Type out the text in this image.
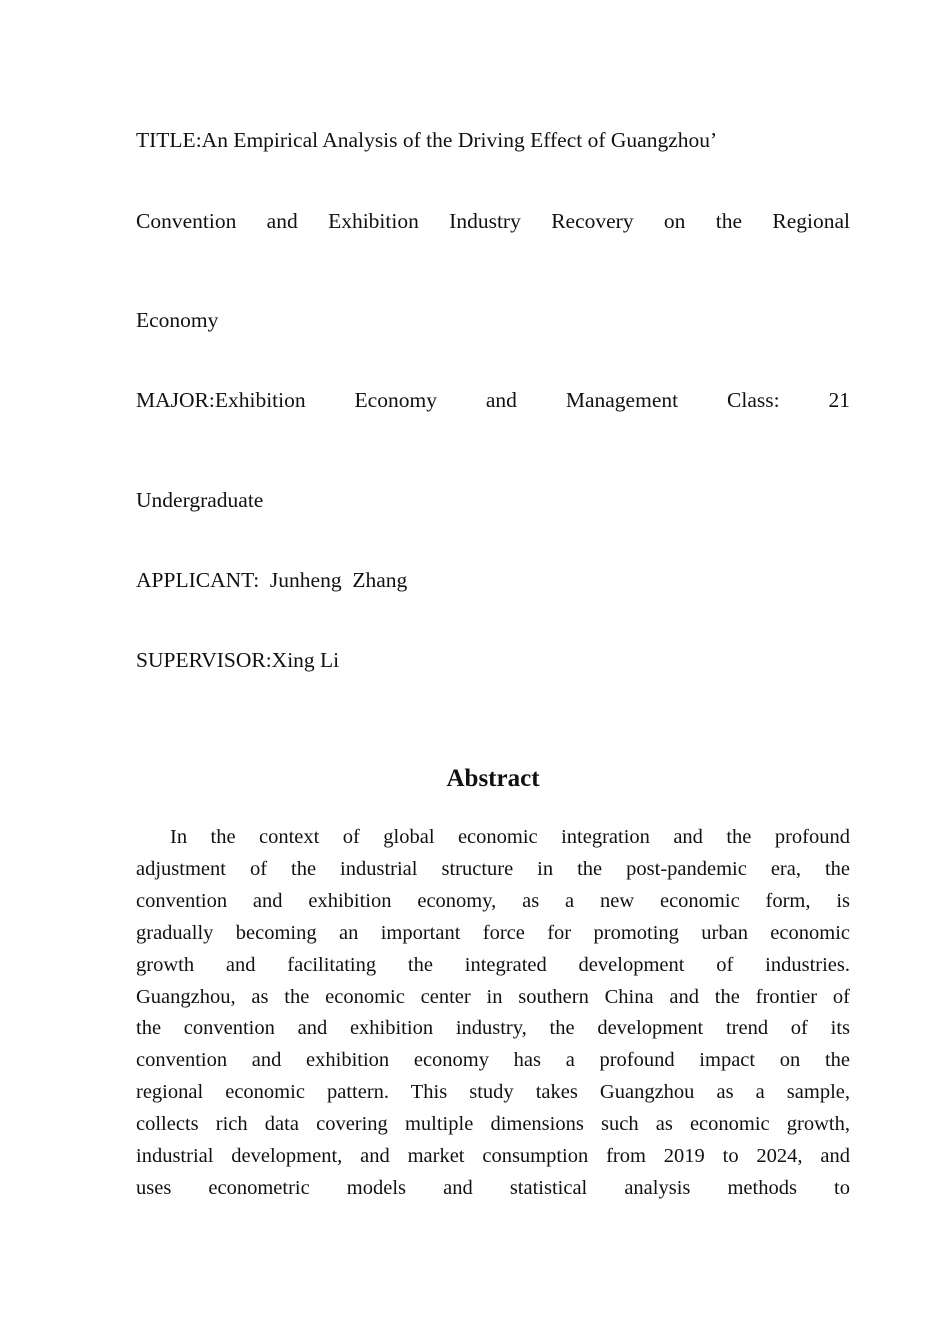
TITLE:An Empirical Analysis of the Driving Effect of Guangzhou’
Convention and Exhibition Industry Recovery on the Regional
Economy
MAJOR:Exhibition Economy and Management Class: 21
Undergraduate
APPLICANT:  Junheng  Zhang
SUPERVISOR:Xing Li
Abstract
In the context of global economic integration and the profound
adjustment of the industrial structure in the post-pandemic era, the
convention and exhibition economy, as a new economic form, is
gradually becoming an important force for promoting urban economic
growth and facilitating the integrated development of industries.
Guangzhou, as the economic center in southern China and the frontier of
the convention and exhibition industry, the development trend of its
convention and exhibition economy has a profound impact on the
regional economic pattern. This study takes Guangzhou as a sample,
collects rich data covering multiple dimensions such as economic growth,
industrial development, and market consumption from 2019 to 2024, and
uses econometric models and statistical analysis methods to
